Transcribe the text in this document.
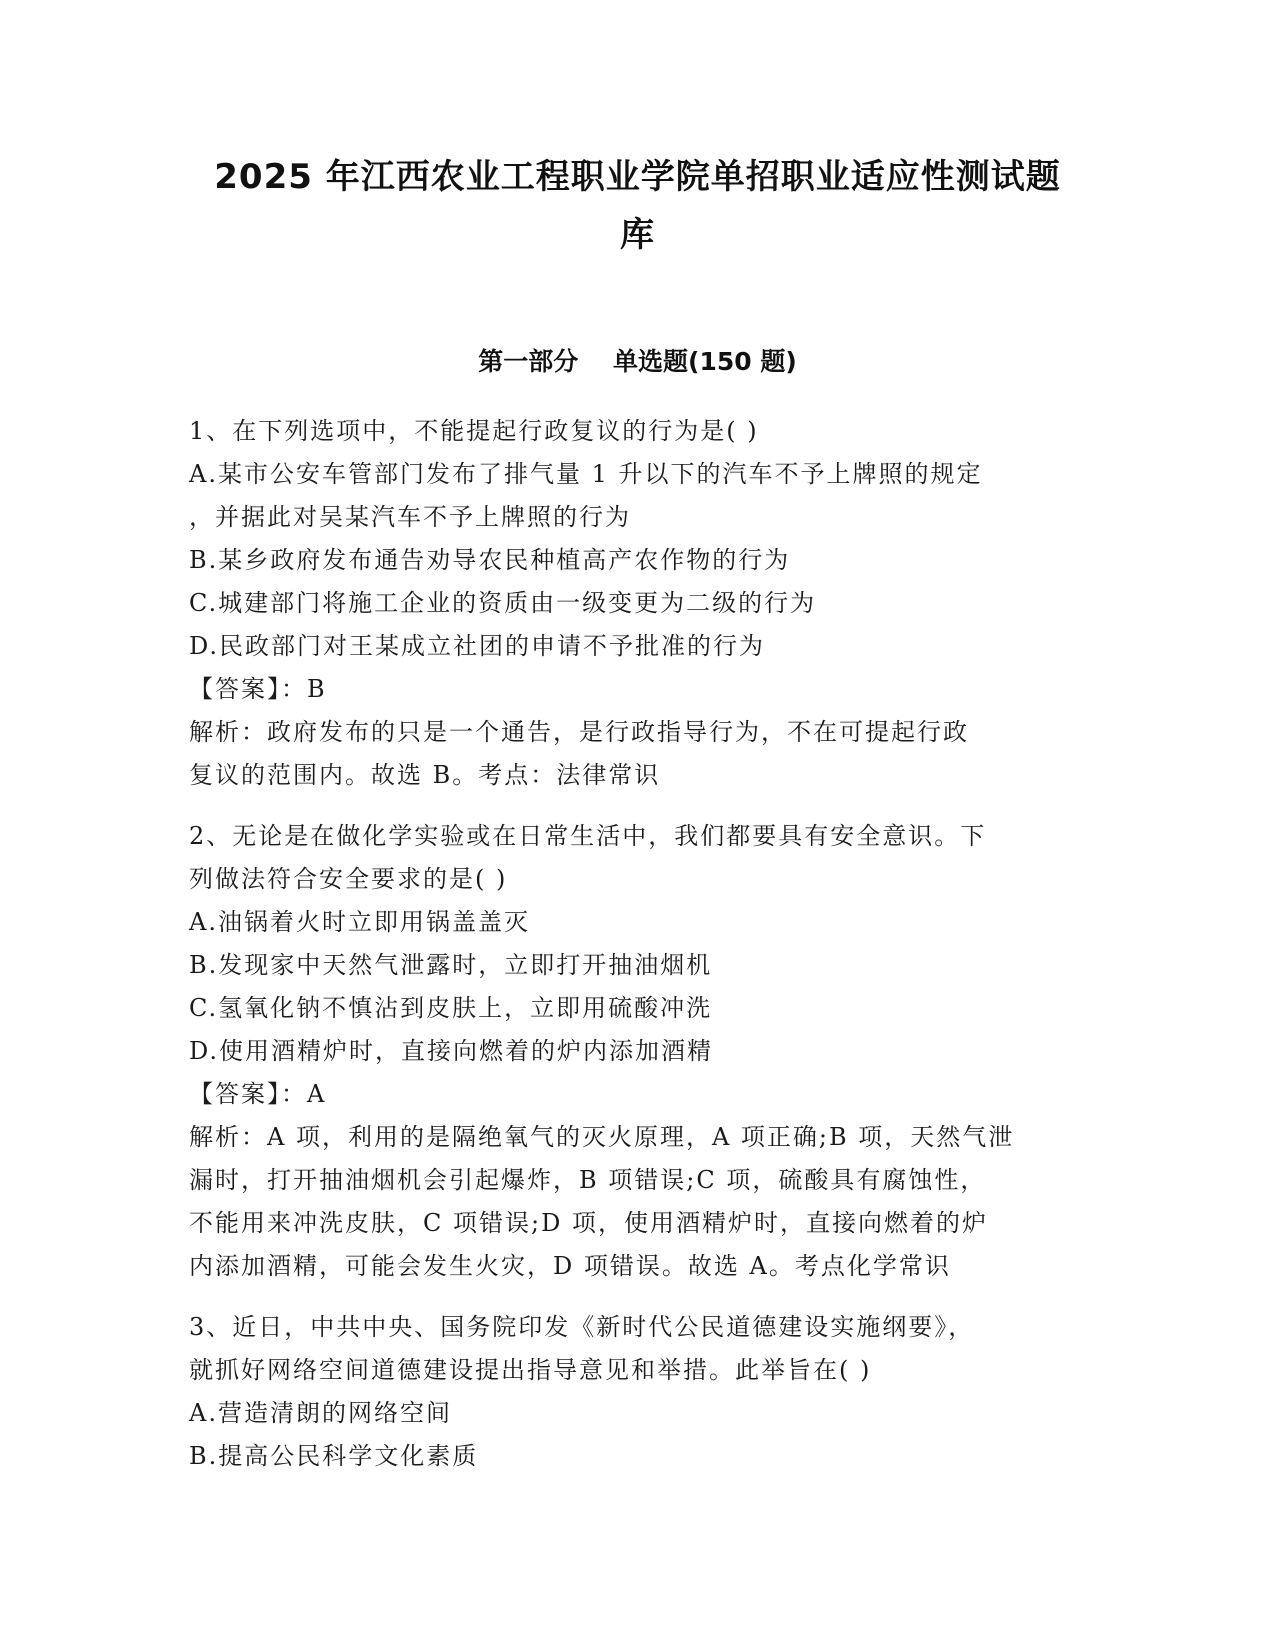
2025 年江西农业工程职业学院单招职业适应性测试题
库
第一部分    单选题(150 题)
1、在下列选项中，不能提起行政复议的行为是( )
A.某市公安车管部门发布了排气量 1 升以下的汽车不予上牌照的规定
，并据此对吴某汽车不予上牌照的行为
B.某乡政府发布通告劝导农民种植高产农作物的行为
C.城建部门将施工企业的资质由一级变更为二级的行为
D.民政部门对王某成立社团的申请不予批准的行为
【答案】：B
解析：政府发布的只是一个通告，是行政指导行为，不在可提起行政
复议的范围内。故选 B。考点：法律常识
2、无论是在做化学实验或在日常生活中，我们都要具有安全意识。下
列做法符合安全要求的是( )
A.油锅着火时立即用锅盖盖灭
B.发现家中天然气泄露时，立即打开抽油烟机
C.氢氧化钠不慎沾到皮肤上，立即用硫酸冲洗
D.使用酒精炉时，直接向燃着的炉内添加酒精
【答案】：A
解析：A 项，利用的是隔绝氧气的灭火原理，A 项正确;B 项，天然气泄
漏时，打开抽油烟机会引起爆炸，B 项错误;C 项，硫酸具有腐蚀性，
不能用来冲洗皮肤，C 项错误;D 项，使用酒精炉时，直接向燃着的炉
内添加酒精，可能会发生火灾，D 项错误。故选 A。考点化学常识
3、近日，中共中央、国务院印发《新时代公民道德建设实施纲要》，
就抓好网络空间道德建设提出指导意见和举措。此举旨在( )
A.营造清朗的网络空间
B.提高公民科学文化素质
